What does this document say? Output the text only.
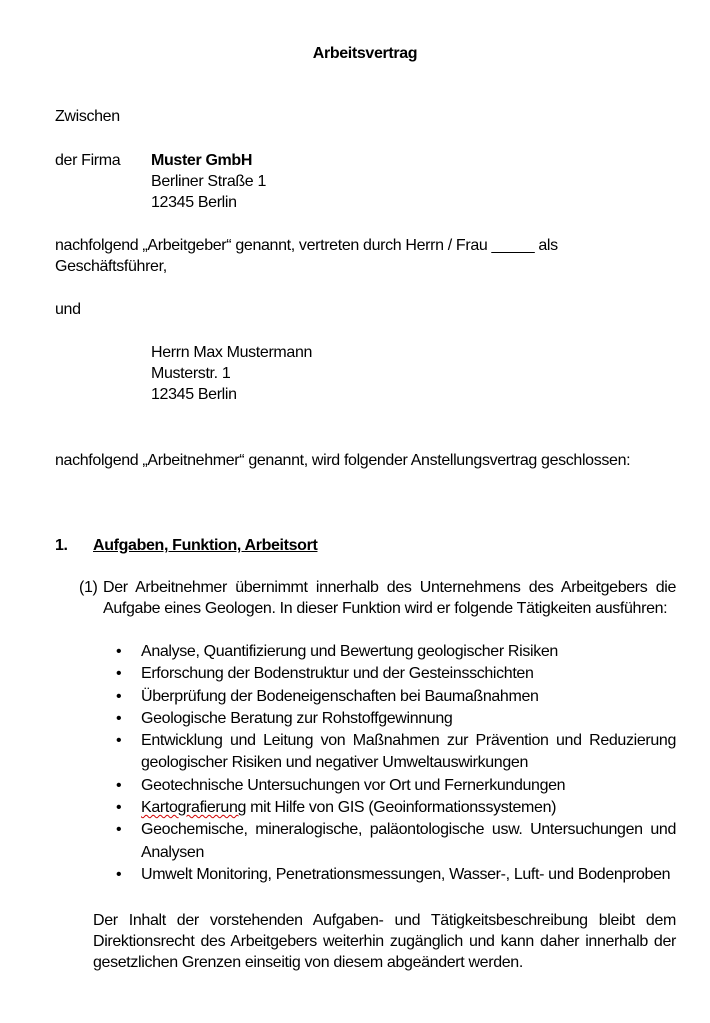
Arbeitsvertrag
Zwischen
der Firma Muster GmbH
Berliner Straße 1
12345 Berlin
nachfolgend „Arbeitgeber“ genannt, vertreten durch Herrn / Frau _____ als
Geschäftsführer,
und
Herrn Max Mustermann
Musterstr. 1
12345 Berlin
nachfolgend „Arbeitnehmer“ genannt, wird folgender Anstellungsvertrag geschlossen:
1. Aufgaben, Funktion, Arbeitsort
(1) Der Arbeitnehmer übernimmt innerhalb des Unternehmens des Arbeitgebers die Aufgabe eines Geologen. In dieser Funktion wird er folgende Tätigkeiten ausführen:
• Analyse, Quantifizierung und Bewertung geologischer Risiken
• Erforschung der Bodenstruktur und der Gesteinsschichten
• Überprüfung der Bodeneigenschaften bei Baumaßnahmen
• Geologische Beratung zur Rohstoffgewinnung
• Entwicklung und Leitung von Maßnahmen zur Prävention und Reduzierung geologischer Risiken und negativer Umweltauswirkungen
• Geotechnische Untersuchungen vor Ort und Fernerkundungen
• Kartografierung mit Hilfe von GIS (Geoinformationssystemen)
• Geochemische, mineralogische, paläontologische usw. Untersuchungen und Analysen
• Umwelt Monitoring, Penetrationsmessungen, Wasser-, Luft- und Bodenproben
Der Inhalt der vorstehenden Aufgaben- und Tätigkeitsbeschreibung bleibt dem Direktionsrecht des Arbeitgebers weiterhin zugänglich und kann daher innerhalb der gesetzlichen Grenzen einseitig von diesem abgeändert werden.
